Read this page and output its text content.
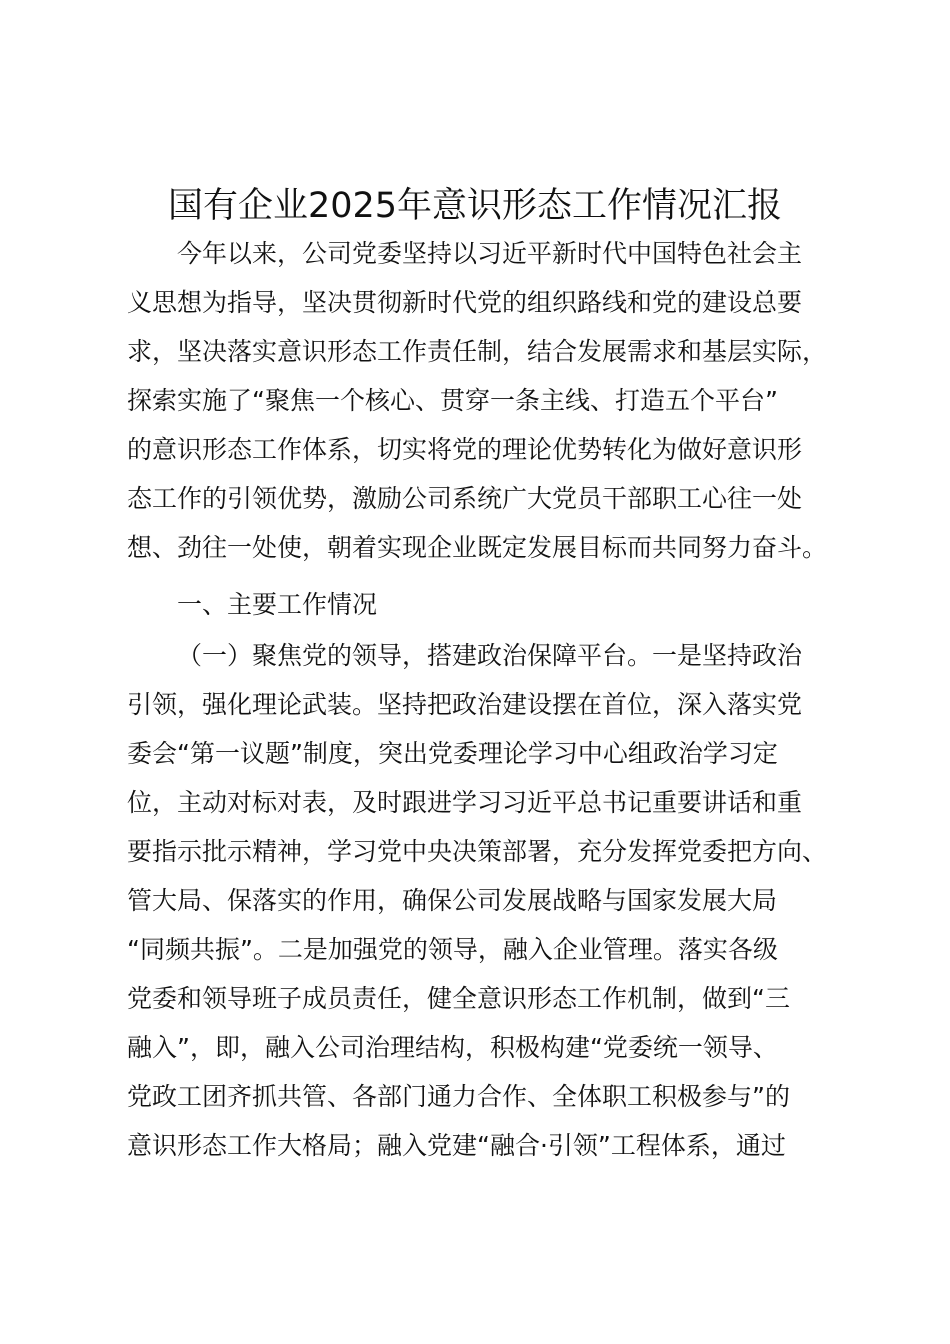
国有企业2025年意识形态工作情况汇报

今年以来，公司党委坚持以习近平新时代中国特色社会主

义思想为指导，坚决贯彻新时代党的组织路线和党的建设总要

求，坚决落实意识形态工作责任制，结合发展需求和基层实际，

探索实施了“聚焦一个核心、贯穿一条主线、打造五个平台”

的意识形态工作体系，切实将党的理论优势转化为做好意识形

态工作的引领优势，激励公司系统广大党员干部职工心往一处

想、劲往一处使，朝着实现企业既定发展目标而共同努力奋斗。

一、主要工作情况

（一）聚焦党的领导，搭建政治保障平台。一是坚持政治

引领，强化理论武装。坚持把政治建设摆在首位，深入落实党

委会“第一议题”制度，突出党委理论学习中心组政治学习定

位，主动对标对表，及时跟进学习习近平总书记重要讲话和重

要指示批示精神，学习党中央决策部署，充分发挥党委把方向、

管大局、保落实的作用，确保公司发展战略与国家发展大局

“同频共振”。二是加强党的领导，融入企业管理。落实各级

党委和领导班子成员责任，健全意识形态工作机制，做到“三

融入”，即，融入公司治理结构，积极构建“党委统一领导、

党政工团齐抓共管、各部门通力合作、全体职工积极参与”的

意识形态工作大格局；融入党建“融合·引领”工程体系，通过
